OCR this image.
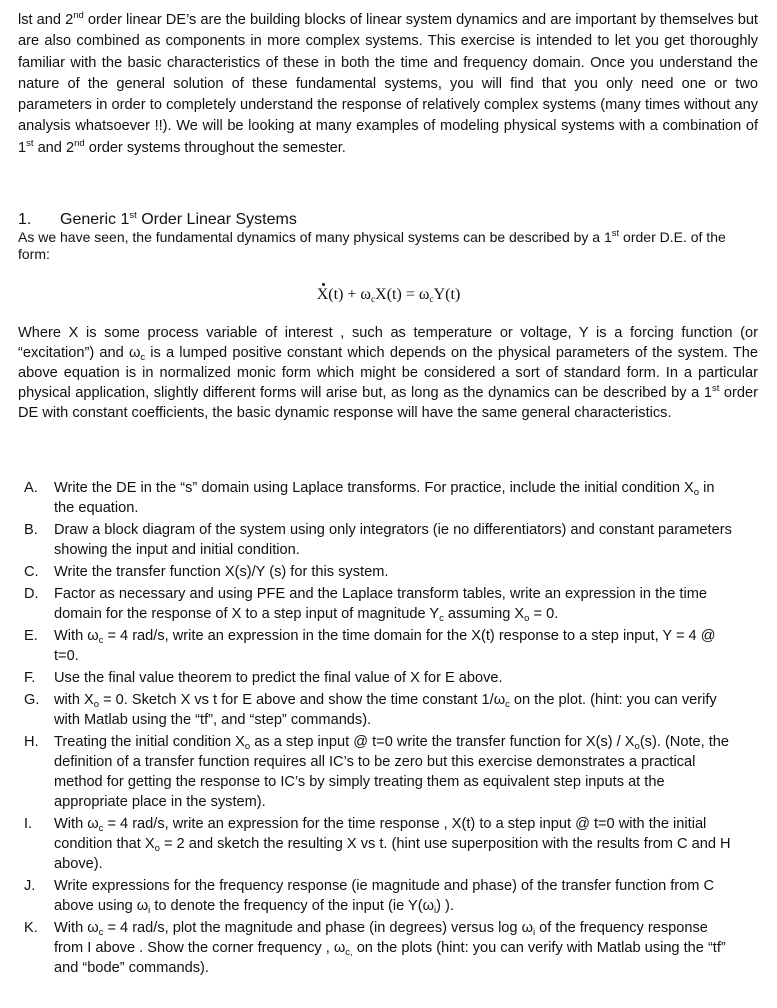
lst and 2nd order linear DE’s are the building blocks of linear system dynamics and are important by themselves but are also combined as components in more complex systems. This exercise is intended to let you get thoroughly familiar with the basic characteristics of these in both the time and frequency domain. Once you understand the nature of the general solution of these fundamental systems, you will find that you only need one or two parameters in order to completely understand the response of relatively complex systems (many times without any analysis whatsoever !!). We will be looking at many examples of modeling physical systems with a combination of 1st and 2nd order systems throughout the semester.

1. Generic 1st Order Linear Systems
As we have seen, the fundamental dynamics of many physical systems can be described by a 1st order D.E. of the form:
$X(t) + \omega_cX(t) = \omega_cY(t)$

Where X is some process variable of interest , such as temperature or voltage, Y is a forcing function (or “excitation”) and $\omega_c$ is a lumped positive constant which depends on the physical parameters of the system. The above equation is in normalized monic form which might be considered a sort of standard form. In a particular physical application, slightly different forms will arise but, as long as the dynamics can be described by a 1st order DE with constant coefficients, the basic dynamic response will have the same general characteristics.

A. Write the DE in the “s” domain using Laplace transforms. For practice, include the initial condition $X_o$ in the equation.
B. Draw a block diagram of the system using only integrators (ie no differentiators) and constant parameters showing the input and initial condition.
C. Write the transfer function X(s)/Y (s) for this system.
D. Factor as necessary and using PFE and the Laplace transform tables, write an expression in the time domain for the response of X to a step input of magnitude $Y_c$ assuming $X_o = 0$.
E. With $\omega_c = 4$ rad/s, write an expression in the time domain for the X(t) response to a step input, Y = 4 @ t=0.
F. Use the final value theorem to predict the final value of X for E above.
G. with $X_o = 0$. Sketch X vs t for E above and show the time constant $1/\omega_c$ on the plot. (hint: you can verify with Matlab using the “tf”, and “step” commands).
H. Treating the initial condition $X_o$ as a step input @ t=0 write the transfer function for $X(s) / X_o(s)$. (Note, the definition of a transfer function requires all IC’s to be zero but this exercise demonstrates a practical method for getting the response to IC’s by simply treating them as equivalent step inputs at the appropriate place in the system).
I. With $\omega_c = 4$ rad/s, write an expression for the time response , X(t) to a step input @ t=0 with the initial condition that $X_o = 2$ and sketch the resulting X vs t. (hint use superposition with the results from C and H above).
J. Write expressions for the frequency response (ie magnitude and phase) of the transfer function from C above using $\omega_i$ to denote the frequency of the input (ie $Y(\omega_i)$ ).
K. With $\omega_c = 4$ rad/s, plot the magnitude and phase (in degrees) versus $\log \omega_i$ of the frequency response from I above . Show the corner frequency , $\omega_{c,}$ on the plots (hint: you can verify with Matlab using the “tf” and “bode” commands).
